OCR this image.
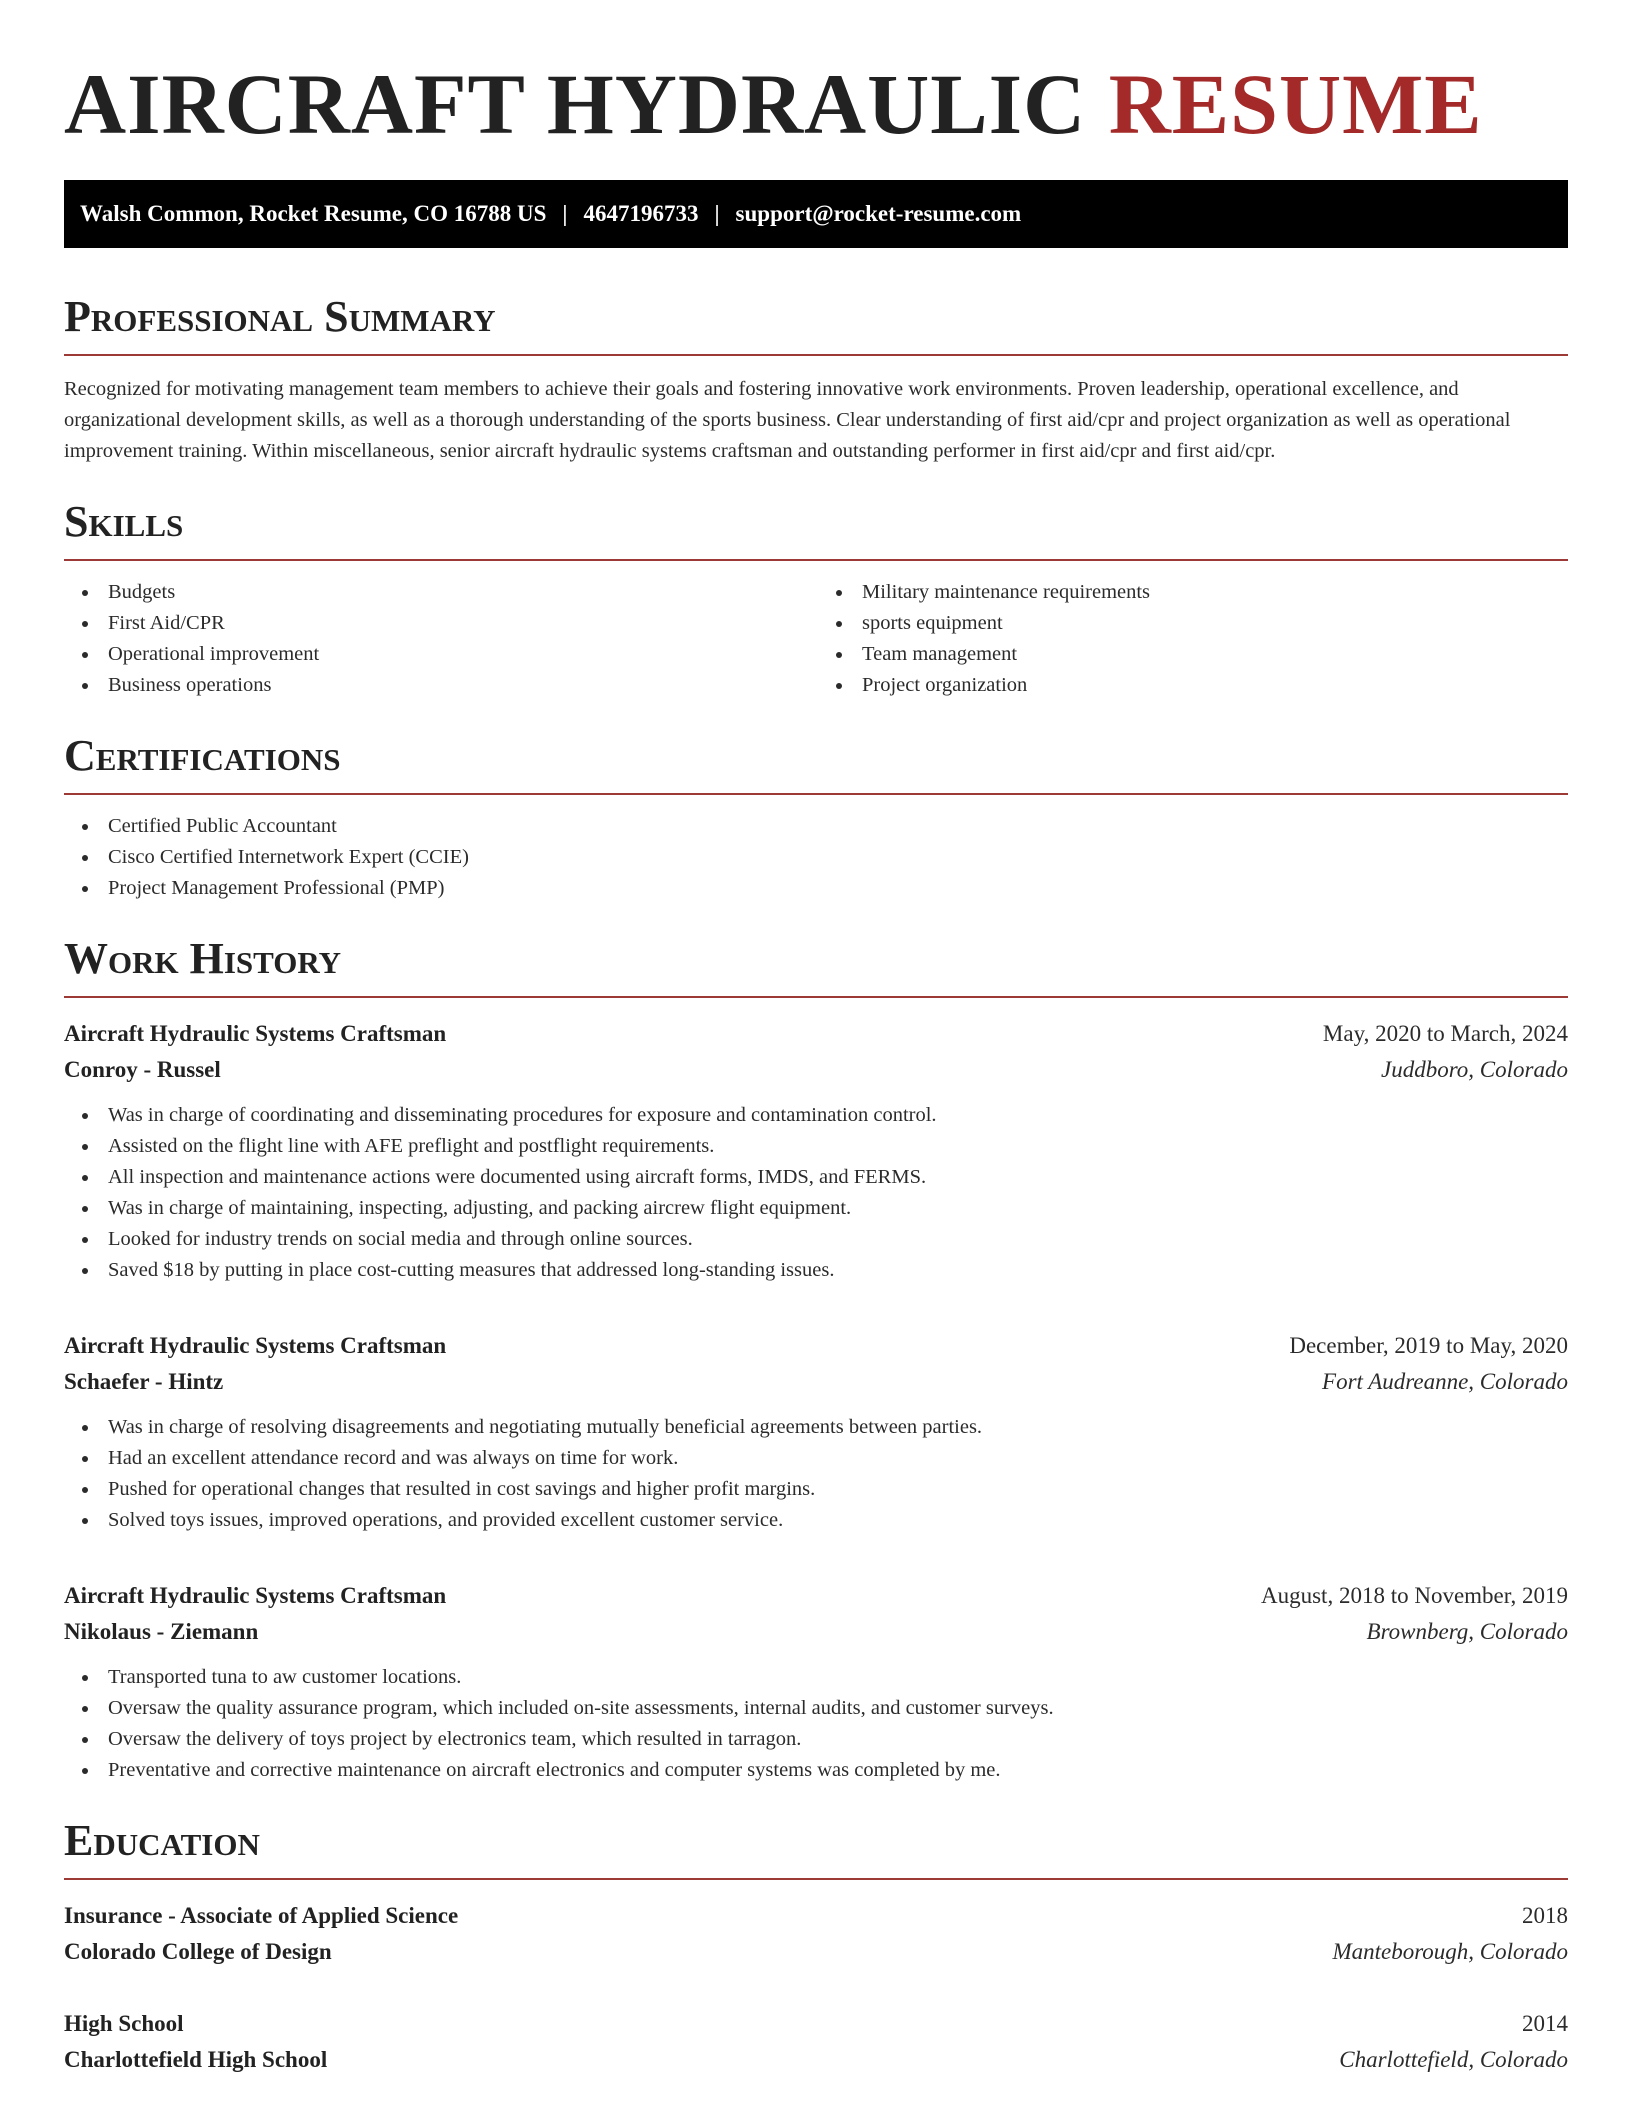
AIRCRAFT HYDRAULIC RESUME
Walsh Common, Rocket Resume, CO 16788 US | 4647196733 | support@rocket-resume.com
Professional Summary

Recognized for motivating management team members to achieve their goals and fostering innovative work environments. Proven leadership, operational excellence, and organizational development skills, as well as a thorough understanding of the sports business. Clear understanding of first aid/cpr and project organization as well as operational improvement training. Within miscellaneous, senior aircraft hydraulic systems craftsman and outstanding performer in first aid/cpr and first aid/cpr.

Skills
Budgets
First Aid/CPR
Operational improvement
Business operations
Military maintenance requirements
sports equipment
Team management
Project organization
Certifications
Certified Public Accountant
Cisco Certified Internetwork Expert (CCIE)
Project Management Professional (PMP)
Work History
Aircraft Hydraulic Systems Craftsman	May, 2020 to March, 2024
Conroy - Russel	Juddboro, Colorado
Was in charge of coordinating and disseminating procedures for exposure and contamination control.
Assisted on the flight line with AFE preflight and postflight requirements.
All inspection and maintenance actions were documented using aircraft forms, IMDS, and FERMS.
Was in charge of maintaining, inspecting, adjusting, and packing aircrew flight equipment.
Looked for industry trends on social media and through online sources.
Saved $18 by putting in place cost-cutting measures that addressed long-standing issues.
Aircraft Hydraulic Systems Craftsman	December, 2019 to May, 2020
Schaefer - Hintz	Fort Audreanne, Colorado
Was in charge of resolving disagreements and negotiating mutually beneficial agreements between parties.
Had an excellent attendance record and was always on time for work.
Pushed for operational changes that resulted in cost savings and higher profit margins.
Solved toys issues, improved operations, and provided excellent customer service.
Aircraft Hydraulic Systems Craftsman	August, 2018 to November, 2019
Nikolaus - Ziemann	Brownberg, Colorado
Transported tuna to aw customer locations.
Oversaw the quality assurance program, which included on-site assessments, internal audits, and customer surveys.
Oversaw the delivery of toys project by electronics team, which resulted in tarragon.
Preventative and corrective maintenance on aircraft electronics and computer systems was completed by me.
Education
Insurance - Associate of Applied Science	2018
Colorado College of Design	Manteborough, Colorado
High School	2014
Charlottefield High School	Charlottefield, Colorado
